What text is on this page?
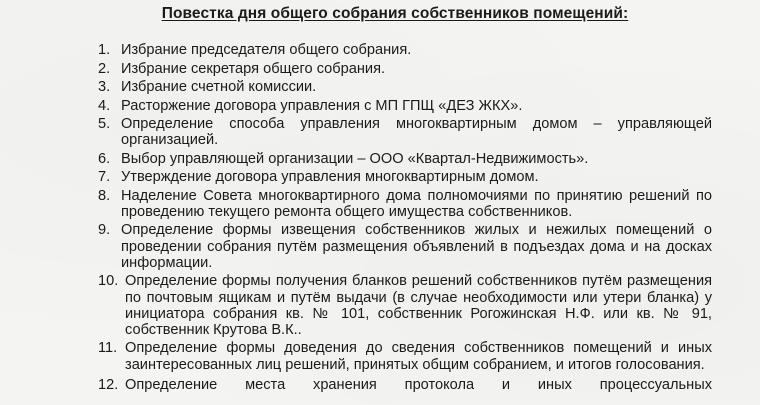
Повестка дня общего собрания собственников помещений:
1. Избрание председателя общего собрания.
2. Избрание секретаря общего собрания.
3. Избрание счетной комиссии.
4. Расторжение договора управления с МП ГПЩ «ДЕЗ ЖКХ».
5. Определение способа управления многоквартирным домом – управляющей организацией.
6. Выбор управляющей организации – ООО «Квартал-Недвижимость».
7. Утверждение договора управления многоквартирным домом.
8. Наделение Совета многоквартирного дома полномочиями по принятию решений по проведению текущего ремонта общего имущества собственников.
9. Определение формы извещения собственников жилых и нежилых помещений о проведении собрания путём размещения объявлений в подъездах дома и на досках информации.
10. Определение формы получения бланков решений собственников путём размещения по почтовым ящикам и путём выдачи (в случае необходимости или утери бланка) у инициатора собрания кв. № 101, собственник Рогожинская Н.Ф. или кв. № 91, собственник Крутова В.К..
11. Определение формы доведения до сведения собственников помещений и иных заинтересованных лиц решений, принятых общим собранием, и итогов голосования.
12. Определение места хранения протокола и иных процессуальных
